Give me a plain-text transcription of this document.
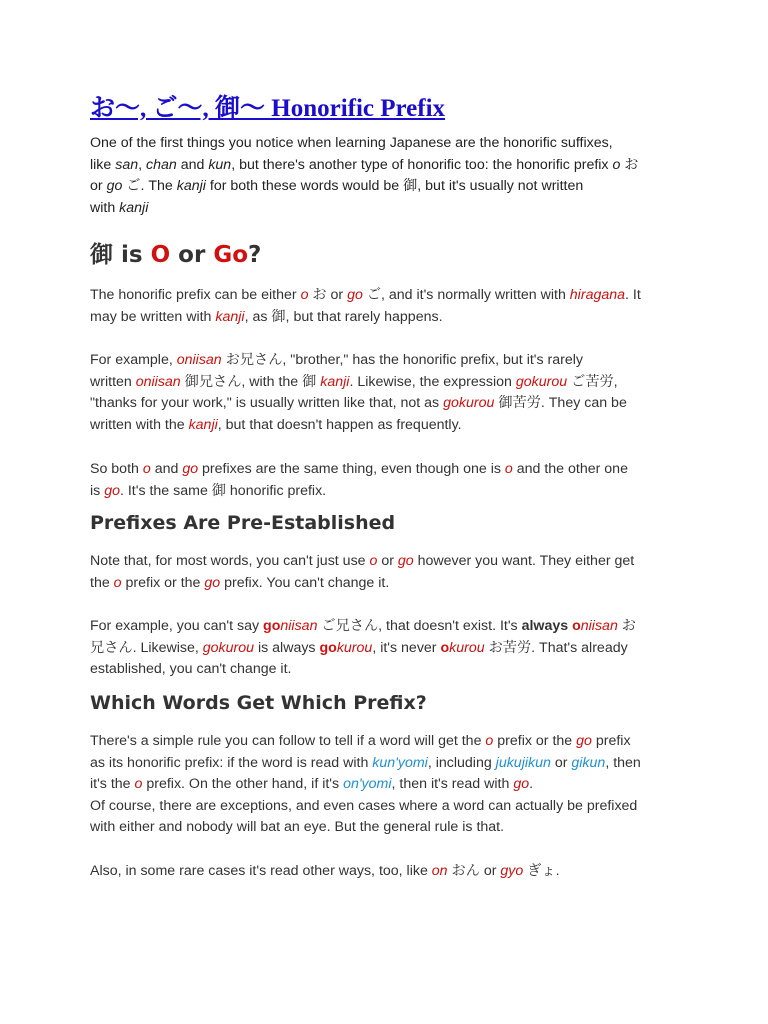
お〜, ご〜, 御〜 Honorific Prefix

One of the first things you notice when learning Japanese are the honorific suffixes,
like san, chan and kun, but there's another type of honorific too: the honorific prefix o お
or go ご. The kanji for both these words would be 御, but it's usually not written
with kanji

御 is O or Go?

The honorific prefix can be either o お or go ご, and it's normally written with hiragana. It
may be written with kanji, as 御, but that rarely happens.

For example, oniisan お兄さん, "brother," has the honorific prefix, but it's rarely
written oniisan 御兄さん, with the 御 kanji. Likewise, the expression gokurou ご苦労,
"thanks for your work," is usually written like that, not as gokurou 御苦労. They can be
written with the kanji, but that doesn't happen as frequently.

So both o and go prefixes are the same thing, even though one is o and the other one
is go. It's the same 御 honorific prefix.

Prefixes Are Pre-Established

Note that, for most words, you can't just use o or go however you want. They either get
the o prefix or the go prefix. You can't change it.

For example, you can't say goniisan ご兄さん, that doesn't exist. It's always oniisan お
兄さん. Likewise, gokurou is always gokurou, it's never okurou お苦労. That's already
established, you can't change it.

Which Words Get Which Prefix?

There's a simple rule you can follow to tell if a word will get the o prefix or the go prefix
as its honorific prefix: if the word is read with kun'yomi, including jukujikun or gikun, then
it's the o prefix. On the other hand, if it's on'yomi, then it's read with go.
Of course, there are exceptions, and even cases where a word can actually be prefixed
with either and nobody will bat an eye. But the general rule is that.

Also, in some rare cases it's read other ways, too, like on おん or gyo ぎょ.
